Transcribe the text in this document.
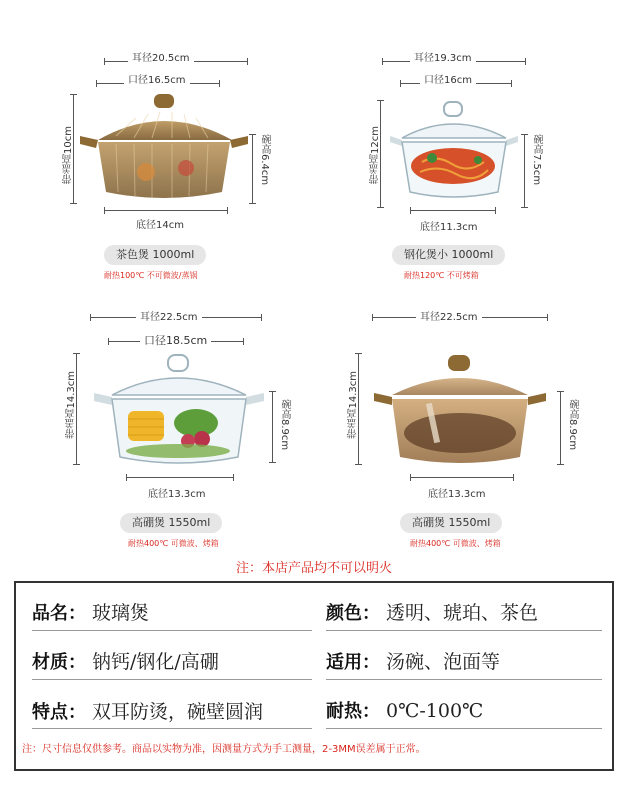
耳径20.5cm
口径16.5cm
带盖高10cm	碗高6.4cm
底径14cm
茶色煲 1000ml
耐热100℃ 不可微波/蒸锅
耳径19.3cm
口径16cm
带盖高12cm	碗高7.5cm
底径11.3cm
钢化煲小 1000ml
耐热120℃ 不可烤箱
耳径22.5cm
口径18.5cm
带盖高14.3cm	碗高8.9cm
底径13.3cm
高硼煲 1550ml
耐热400℃ 可微波、烤箱
耳径22.5cm
带盖高14.3cm	碗高8.9cm
底径13.3cm
高硼煲 1550ml
耐热400℃ 可微波、烤箱
注：本店产品均不可以明火
品名： 玻璃煲	颜色： 透明、琥珀、茶色
材质： 钠钙/钢化/高硼	适用： 汤碗、泡面等
特点： 双耳防烫，碗壁圆润	耐热： 0℃-100℃
注：尺寸信息仅供参考。商品以实物为准，因测量方式为手工测量，2-3MM误差属于正常。
